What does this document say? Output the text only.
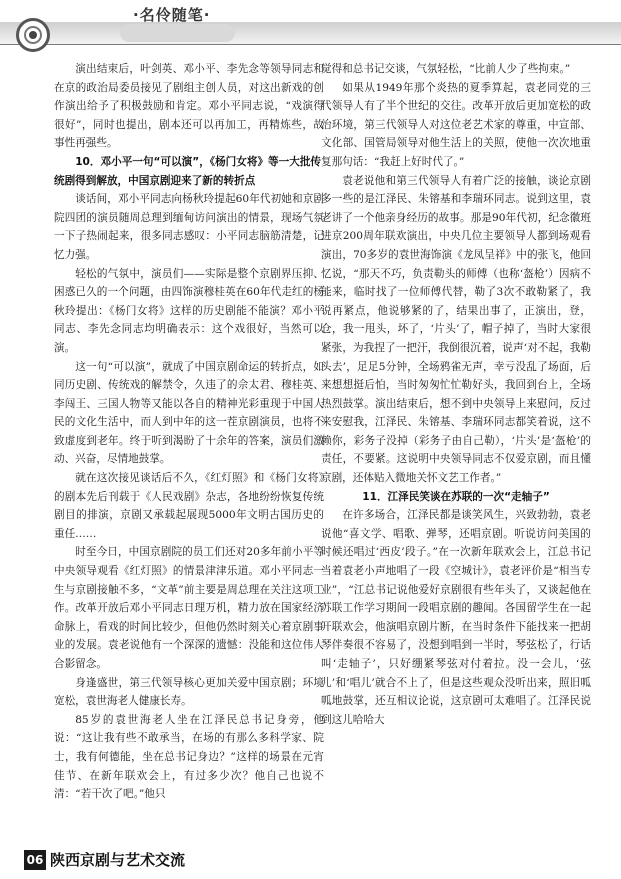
·名伶随笔·

演出结束后，叶剑英、邓小平、李先念等领导同志和在京的政治局委员接见了剧组主创人员，对这出新戏的创作演出给予了积极鼓励和肯定。邓小平同志说，“戏演得很好”，同时也提出，剧本还可以再加工，再精炼些，故事性再强些。

10．邓小平一句“可以演”，《杨门女将》等一大批传统剧得到解放，中国京剧迎来了新的转折点

谈话间，邓小平同志向杨秋玲提起60年代初她和京剧院四团的演员随周总理到缅甸访问演出的情景，现场气氛一下子热闹起来，很多同志感叹：小平同志脑筋清楚，记忆力强。

轻松的气氛中，演员们——实际是整个京剧界压抑、困惑已久的一个问题，由四饰演穆桂英在60年代走红的杨秋玲提出：《杨门女将》这样的历史剧能不能演？邓小平同志、李先念同志均明确表示：这个戏很好，当然可以演。

这一句“可以演”，就成了中国京剧命运的转折点，如同历史剧、传统戏的解禁令，久违了的佘太君、穆桂英、李闯王、三国人物等又能以各自的精神光彩重现于中国人民的文化生活中，而人到中年的这一茬京剧演员，也将不致虚度到老年。终于听到渴盼了十余年的答案，演员们激动、兴奋，尽情地鼓掌。

就在这次接见谈话后不久，《红灯照》和《杨门女将》的剧本先后刊载于《人民戏剧》杂志，各地纷纷恢复传统剧目的排演，京剧又承载起展现5000年文明古国历史的重任……

时至今日，中国京剧院的员工们还对20多年前小平等中央领导观看《红灯照》的情景津津乐道。邓小平同志一生与京剧接触不多，“文革”前主要是周总理在关注这项工作。改革开放后邓小平同志日理万机，精力放在国家经济命脉上，看戏的时间比较少，但他仍然时刻关心着京剧事业的发展。袁老说他有一个深深的遗憾：没能和这位伟人合影留念。

身逢盛世，第三代领导核心更加关爱中国京剧；环境宽松，袁世海老人健康长寿。

85岁的袁世海老人坐在江泽民总书记身旁，他说：“这让我有些不敢承当，在场的有那么多科学家、院士，我有何德能，坐在总书记身边？”这样的场景在元宵佳节、在新年联欢会上，有过多少次？他自己也说不清：“若干次了吧。”他只

觉得和总书记交谈，气氛轻松，“比前人少了些拘束。”

如果从1949年那个炎热的夏季算起，袁老同党的三代领导人有了半个世纪的交往。改革开放后更加宽松的政治环境，第三代领导人对这位老艺术家的尊重，中宣部、文化部、国管局领导对他生活上的关照，使他一次次地重复那句话：“我赶上好时代了。”

袁老说他和第三代领导人有着广泛的接触，谈论京剧多一些的是江泽民、朱镕基和李瑞环同志。说到这里，袁老讲了一个他亲身经历的故事。那是90年代初，纪念徽班进京200周年联欢演出，中央几位主要领导人都到场观看演出，70多岁的袁世海饰演《龙凤呈祥》中的张飞，他回忆说，“那天不巧，负责勒头的师傅（也称‘盔枪’）因病不能来，临时找了一位师傅代替，勒了3次不敢勒紧了，我说再紧点，他说够紧的了，结果出事了，正演出，登，仓，我一甩头，坏了，‘片头’了，帽子掉了，当时大家很紧张，为我捏了一把汗，我倒很沉着，说声‘对不起，我勒头去’，足足5分钟，全场鸦雀无声，幸亏没乱了场面，后来想想挺后怕，当时匆匆忙忙勒好头，我回到台上，全场热烈鼓掌。演出结束后，想不到中央领导上来慰问，反过来安慰我，江泽民、朱镕基、李瑞环同志都笑着说，这不赖你，彩务子没掉（彩务子由自己勒），‘片头’是‘盔枪’的责任，不要紧。这说明中央领导同志不仅爱京剧，而且懂京剧，还体贴入微地关怀文艺工作者。”

11．江泽民笑谈在苏联的一次“走轴子”

在许多场合，江泽民都是谈笑风生，兴致勃勃，袁老说他“喜文学、唱歌、弹琴，还唱京剧。听说访问美国的时候还唱过‘西皮’段子。”在一次新年联欢会上，江总书记当着袁老小声地唱了一段《空城计》，袁老评价是“相当专业”，“江总书记说他爱好京剧很有些年头了，又谈起他在苏联工作学习期间一段唱京剧的趣闻。各国留学生在一起开联欢会，他演唱京剧片断，在当时条件下能找来一把胡琴伴奏很不容易了，没想到唱到一半时，琴弦松了，行话叫‘走轴子’，只好绷紧琴弦对付着拉。没一会儿，‘弦儿’和‘唱儿’就合不上了，但是这些观众没听出来，照旧呱呱地鼓掌，还互相议论说，这京剧可太难唱了。江泽民说到这儿哈哈大

06 陕西京剧与艺术交流
